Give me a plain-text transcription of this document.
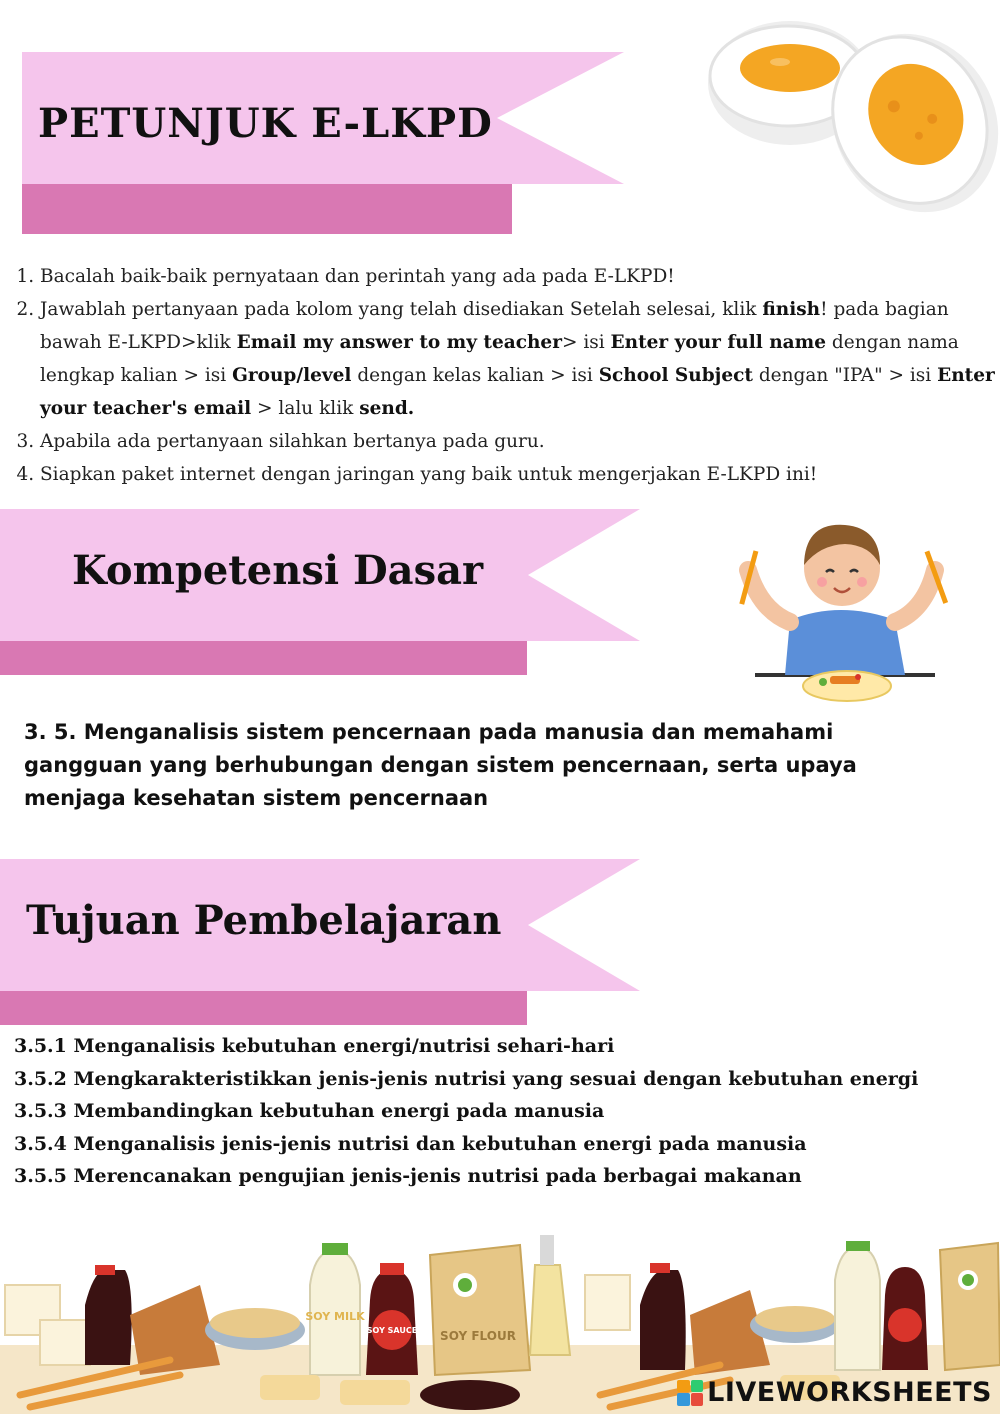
PETUNJUK E-LKPD
1. Bacalah baik-baik pernyataan dan perintah yang ada pada E-LKPD!
2. Jawablah pertanyaan pada kolom yang telah disediakan Setelah selesai, klik finish! pada bagian bawah E-LKPD>klik Email my answer to my teacher> isi Enter your full name dengan nama lengkap kalian > isi Group/level dengan kelas kalian > isi School Subject dengan "IPA" > isi Enter your teacher's email > lalu klik send.
3. Apabila ada pertanyaan silahkan bertanya pada guru.
4. Siapkan paket internet dengan jaringan yang baik untuk mengerjakan E-LKPD ini!
Kompetensi Dasar

3. 5. Menganalisis sistem pencernaan pada manusia dan memahami gangguan yang berhubungan dengan sistem pencernaan, serta upaya menjaga kesehatan sistem pencernaan

Tujuan Pembelajaran
3.5.1 Menganalisis kebutuhan energi/nutrisi sehari-hari
3.5.2 Mengkarakteristikkan jenis-jenis nutrisi yang sesuai dengan kebutuhan energi
3.5.3 Membandingkan kebutuhan energi pada manusia
3.5.4 Menganalisis jenis-jenis nutrisi dan kebutuhan energi pada manusia
3.5.5 Merencanakan pengujian jenis-jenis nutrisi pada berbagai makanan
SOY MILK
SOY SAUCE SOY FLOUR
LIVEWORKSHEETS
